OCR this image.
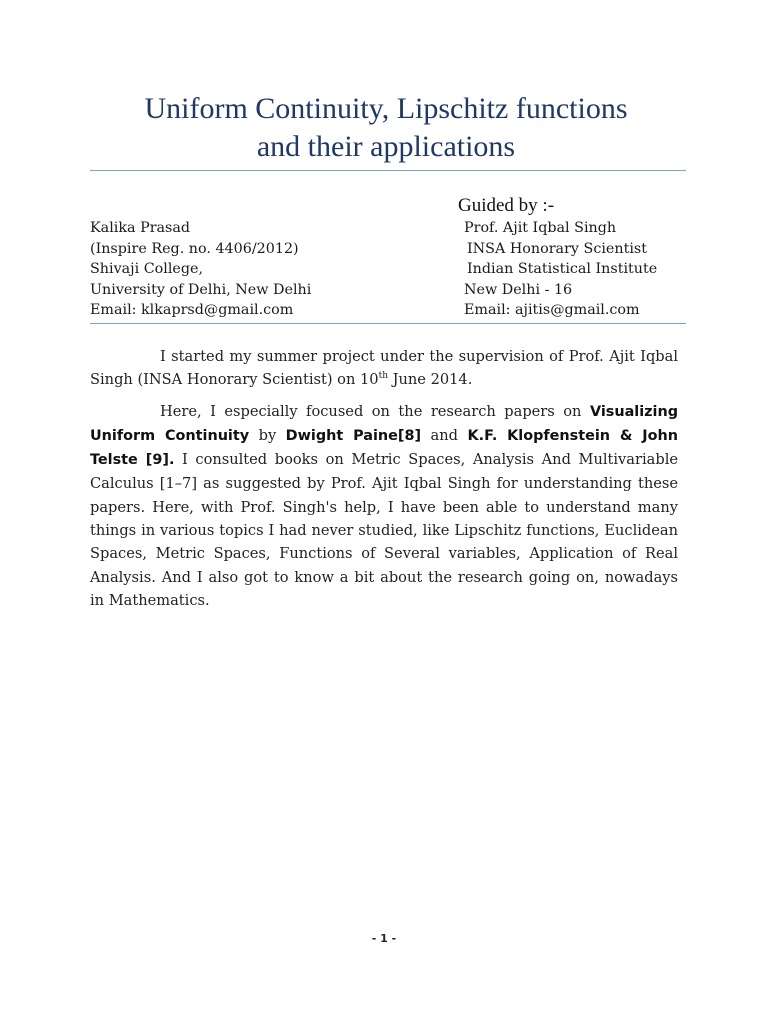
Uniform Continuity, Lipschitz functions
and their applications
Guided by :-
Kalika Prasad
(Inspire Reg. no. 4406/2012)
Shivaji College,
University of Delhi, New Delhi
Email: klkaprsd@gmail.com
Prof. Ajit Iqbal Singh
INSA Honorary Scientist
Indian Statistical Institute
New Delhi - 16
Email: ajitis@gmail.com

I started my summer project under the supervision of Prof. Ajit Iqbal Singh (INSA Honorary Scientist) on 10th June 2014.

Here, I especially focused on the research papers on Visualizing Uniform Continuity by Dwight Paine[8] and K.F. Klopfenstein & John Telste [9]. I consulted books on Metric Spaces, Analysis And Multivariable Calculus [1–7] as suggested by Prof. Ajit Iqbal Singh for understanding these papers. Here, with Prof. Singh's help, I have been able to understand many things in various topics I had never studied, like Lipschitz functions, Euclidean Spaces, Metric Spaces, Functions of Several variables, Application of Real Analysis. And I also got to know a bit about the research going on, nowadays in Mathematics.

- 1 -
